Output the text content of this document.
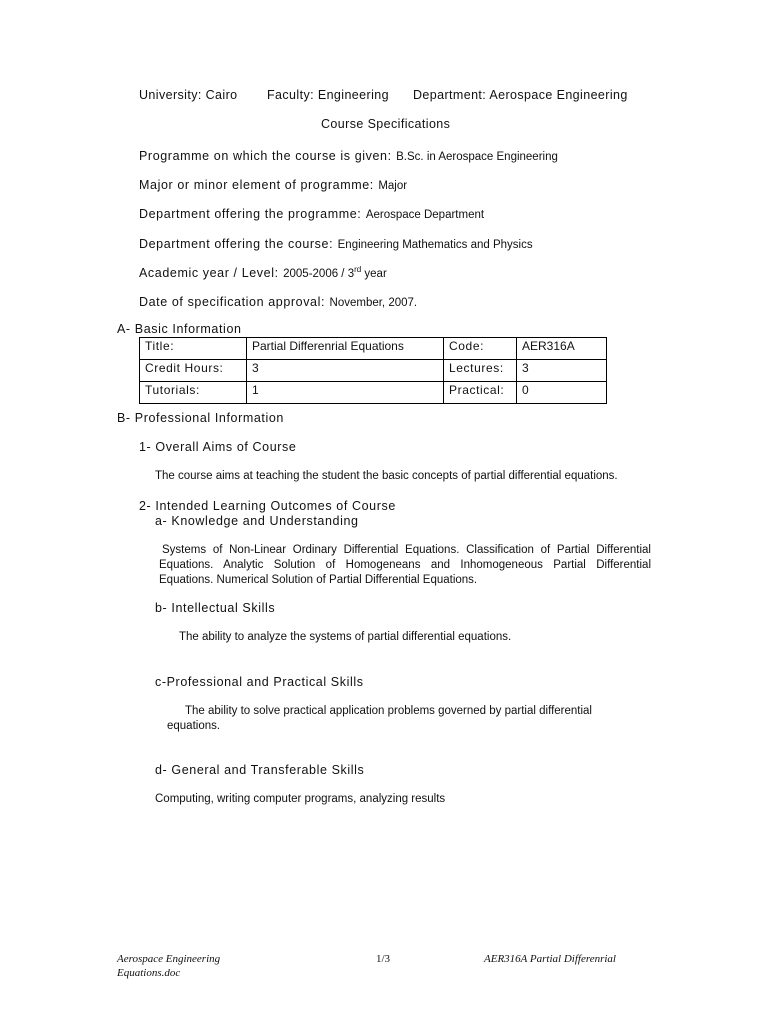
University: Cairo Faculty: Engineering Department: Aerospace Engineering
Course Specifications
Programme on which the course is given: B.Sc. in Aerospace Engineering
Major or minor element of programme: Major
Department offering the programme: Aerospace Department
Department offering the course: Engineering Mathematics and Physics
Academic year / Level: 2005-2006 / 3rd year
Date of specification approval: November, 2007.
A- Basic Information
Title:	Partial Differenrial Equations	Code:	AER316A
Credit Hours:	3	Lectures:	3
Tutorials:	1	Practical:	0
B- Professional Information
1- Overall Aims of Course
The course aims at teaching the student the basic concepts of partial differential equations.
2- Intended Learning Outcomes of Course
a- Knowledge and Understanding
Systems of Non-Linear Ordinary Differential Equations. Classification of Partial Differential Equations. Analytic Solution of Homogeneans and Inhomogeneous Partial Differential Equations. Numerical Solution of Partial Differential Equations.
b- Intellectual Skills
The ability to analyze the systems of partial differential equations.
c-Professional and Practical Skills
The ability to solve practical application problems governed by partial differential
equations.
d- General and Transferable Skills
Computing, writing computer programs, analyzing results
Aerospace Engineering
Equations.doc
1/3	AER316A Partial Differenrial
